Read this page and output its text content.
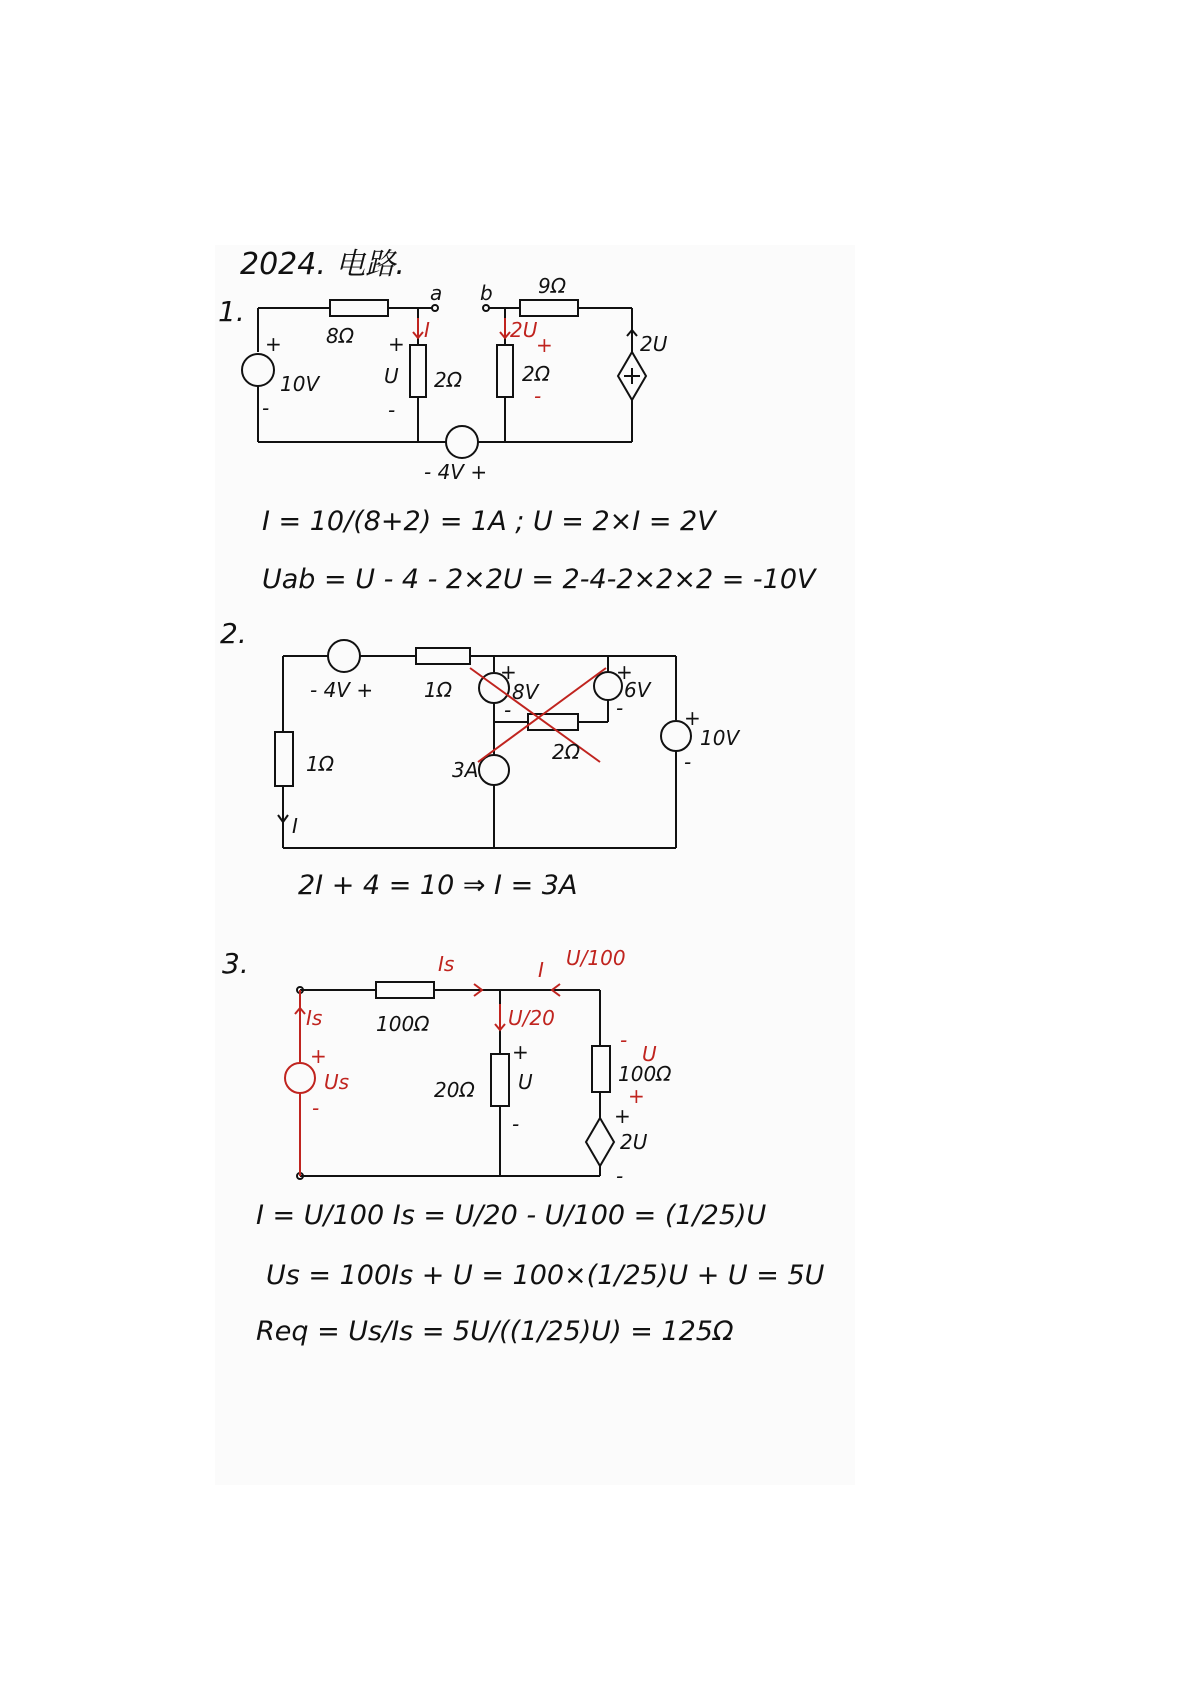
2024. 电路.
1.
a b
8Ω
9Ω
+
10V
-
+
U
-
I
2Ω
2U
+
2Ω
-
2U
- 4V +
I = 10/(8+2) = 1A ; U = 2×I = 2V
Uab = U - 4 - 2×2U = 2-4-2×2×2 = -10V
2.
- 4V +	1Ω
+
8V
-
+
6V
-
2Ω
3A
+
10V
-
1Ω
I
2I + 4 = 10 ⇒ I = 3A
3.	Is	I U/100
Is	100Ω	U/20
+
Us
-
20Ω
+
U
-
-
U
100Ω
+
+
2U
-
I = U/100 Is = U/20 - U/100 = (1/25)U
Us = 100Is + U = 100×(1/25)U + U = 5U
Req = Us/Is = 5U/((1/25)U) = 125Ω
